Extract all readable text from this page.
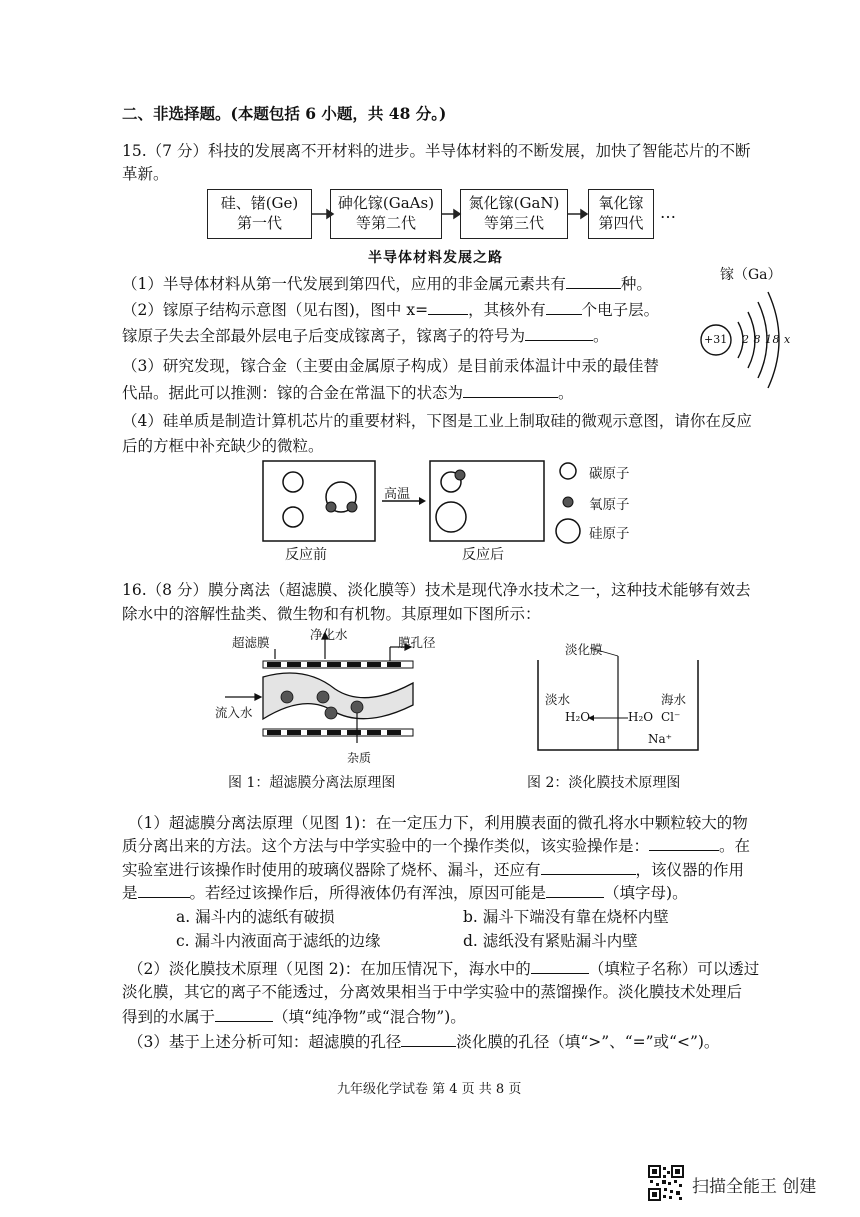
二、非选择题。(本题包括 6 小题，共 48 分。)
15.（7 分）科技的发展离不开材料的进步。半导体材料的不断发展，加快了智能芯片的不断
革新。
硅、锗(Ge)
第一代
砷化镓(GaAs)
等第二代
氮化镓(GaN)
等第三代
氧化镓
第四代
…
半导体材料发展之路
镓（Ga）
+31 2 8 18 x
（1）半导体材料从第一代发展到第四代，应用的非金属元素共有	种。
（2）镓原子结构示意图（见右图)，图中 x=	，其核外有 个电子层。
镓原子失去全部最外层电子后变成镓离子，镓离子的符号为	。
（3）研究发现，镓合金（主要由金属原子构成）是目前汞体温计中汞的最佳替
代品。据此可以推测：镓的合金在常温下的状态为	。
（4）硅单质是制造计算机芯片的重要材料，下图是工业上制取硅的微观示意图，请你在反应
后的方框中补充缺少的微粒。
高温
碳原子
氧原子
硅原子
反应前	反应后
16.（8 分）膜分离法（超滤膜、淡化膜等）技术是现代净水技术之一，这种技术能够有效去
除水中的溶解性盐类、微生物和有机物。其原理如下图所示：
超滤膜
净化水
膜孔径
流入水
杂质
图 1：超滤膜分离法原理图
淡化膜
淡水	海水
H₂O	H₂O Cl⁻
Na⁺
图 2：淡化膜技术原理图
（1）超滤膜分离法原理（见图 1)：在一定压力下，利用膜表面的微孔将水中颗粒较大的物
质分离出来的方法。这个方法与中学实验中的一个操作类似，该实验操作是：	。在
实验室进行该操作时使用的玻璃仪器除了烧杯、漏斗，还应有	，该仪器的作用
是	。若经过该操作后，所得液体仍有浑浊，原因可能是	（填字母)。
a. 漏斗内的滤纸有破损	b. 漏斗下端没有靠在烧杯内壁
c. 漏斗内液面高于滤纸的边缘	d. 滤纸没有紧贴漏斗内壁
（2）淡化膜技术原理（见图 2)：在加压情况下，海水中的	（填粒子名称）可以透过
淡化膜，其它的离子不能透过，分离效果相当于中学实验中的蒸馏操作。淡化膜技术处理后
得到的水属于	（填“纯净物”或“混合物”)。
（3）基于上述分析可知：超滤膜的孔径	淡化膜的孔径（填“>”、“=”或“<”)。
九年级化学试卷 第 4 页 共 8 页
扫描全能王 创建
